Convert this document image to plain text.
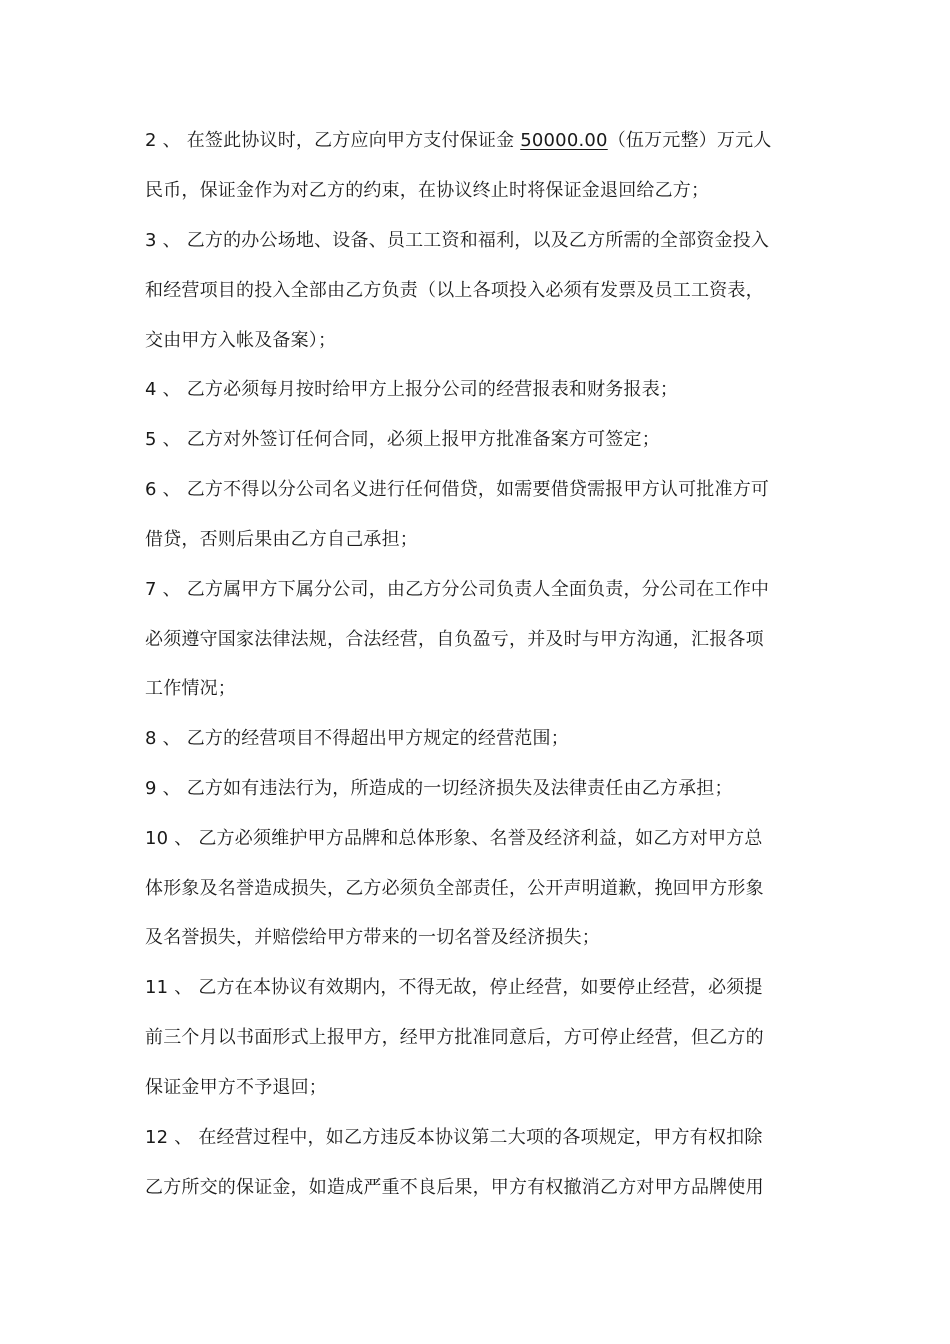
2 、 在签此协议时，乙方应向甲方支付保证金 50000.00（伍万元整）万元人
民币，保证金作为对乙方的约束，在协议终止时将保证金退回给乙方；
3 、 乙方的办公场地、设备、员工工资和福利，以及乙方所需的全部资金投入
和经营项目的投入全部由乙方负责（以上各项投入必须有发票及员工工资表，
交由甲方入帐及备案）；
4 、 乙方必须每月按时给甲方上报分公司的经营报表和财务报表；
5 、 乙方对外签订任何合同，必须上报甲方批准备案方可签定；
6 、 乙方不得以分公司名义进行任何借贷，如需要借贷需报甲方认可批准方可
借贷，否则后果由乙方自己承担；
7 、 乙方属甲方下属分公司，由乙方分公司负责人全面负责，分公司在工作中
必须遵守国家法律法规，合法经营，自负盈亏，并及时与甲方沟通，汇报各项
工作情况；
8 、 乙方的经营项目不得超出甲方规定的经营范围；
9 、 乙方如有违法行为，所造成的一切经济损失及法律责任由乙方承担；
10 、 乙方必须维护甲方品牌和总体形象、名誉及经济利益，如乙方对甲方总
体形象及名誉造成损失，乙方必须负全部责任，公开声明道歉，挽回甲方形象
及名誉损失，并赔偿给甲方带来的一切名誉及经济损失；
11 、 乙方在本协议有效期内，不得无故，停止经营，如要停止经营，必须提
前三个月以书面形式上报甲方，经甲方批准同意后，方可停止经营，但乙方的
保证金甲方不予退回；
12 、 在经营过程中，如乙方违反本协议第二大项的各项规定，甲方有权扣除
乙方所交的保证金，如造成严重不良后果，甲方有权撤消乙方对甲方品牌使用
